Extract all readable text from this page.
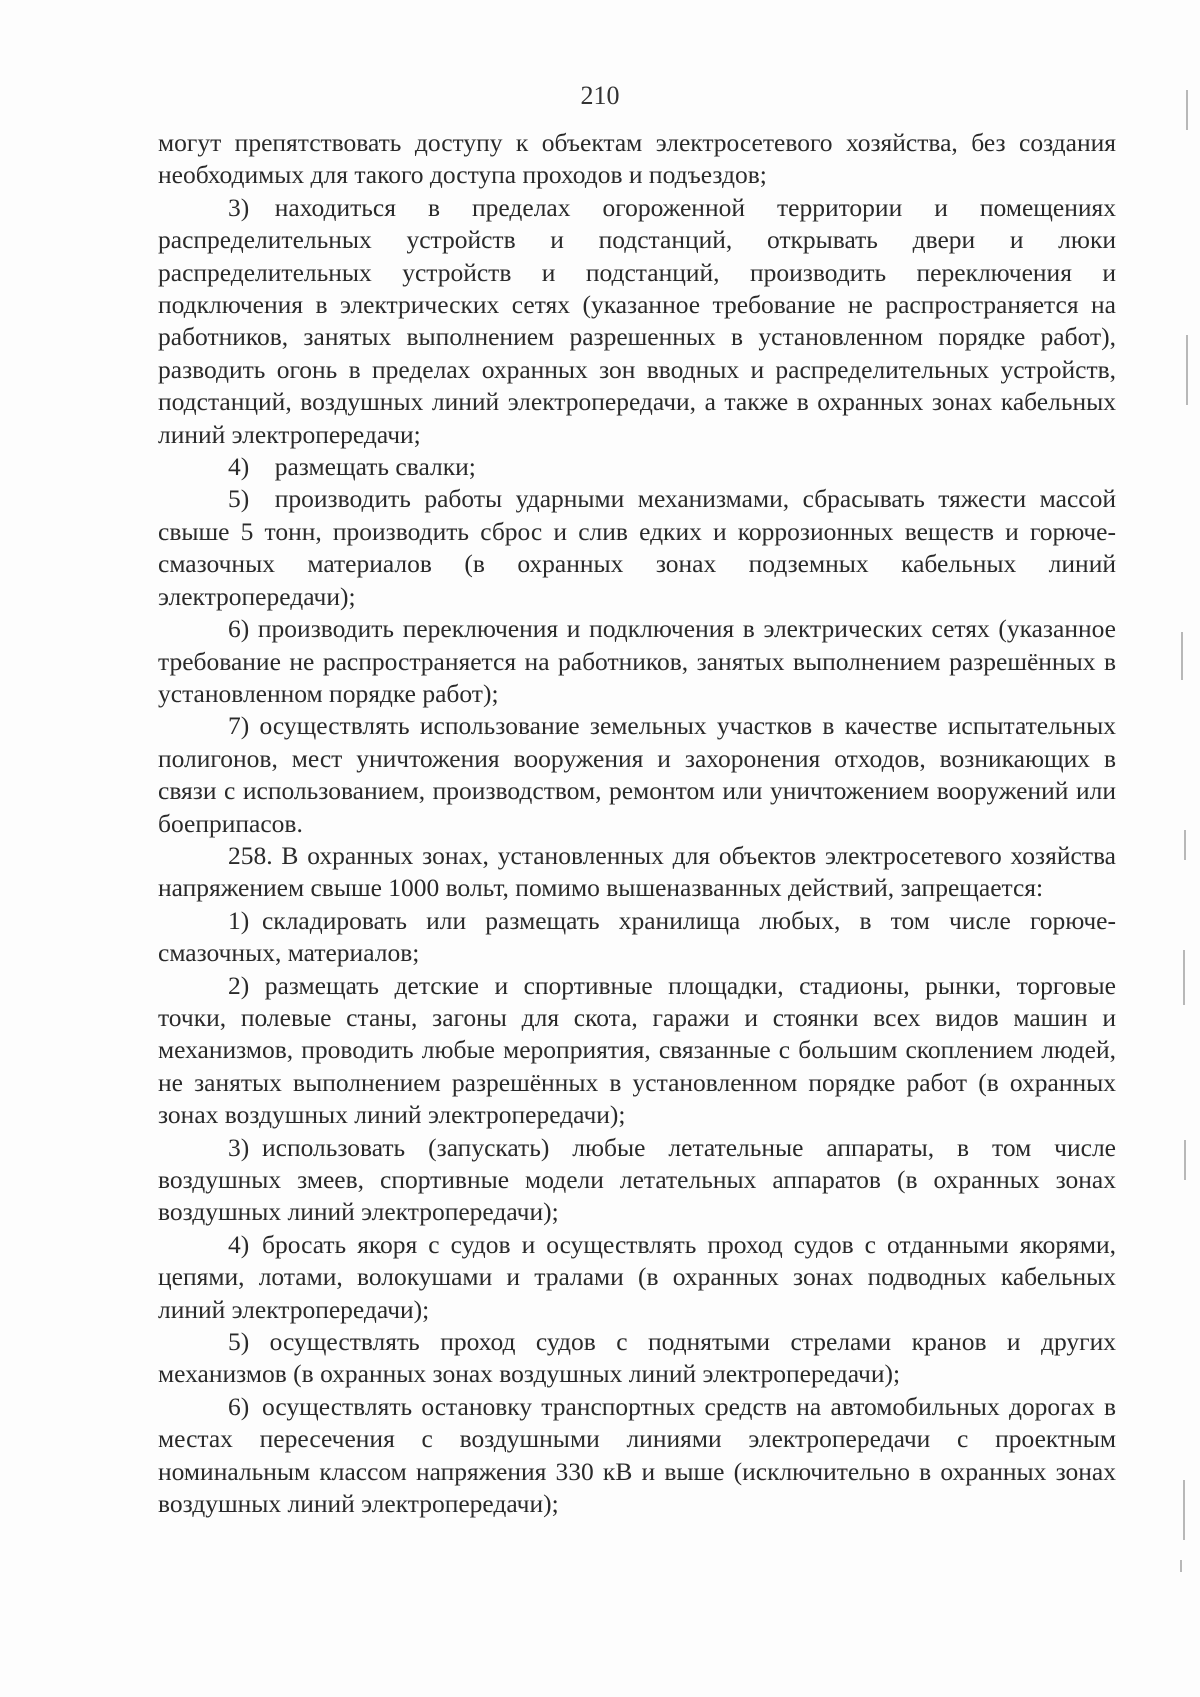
210

могут препятствовать доступу к объектам электросетевого хозяйства, без создания необходимых для такого доступа проходов и подъездов;

3) находиться в пределах огороженной территории и помещениях распределительных устройств и подстанций, открывать двери и люки распределительных устройств и подстанций, производить переключения и подключения в электрических сетях (указанное требование не распространяется на работников, занятых выполнением разрешенных в установленном порядке работ), разводить огонь в пределах охранных зон вводных и распределительных устройств, подстанций, воздушных линий электропередачи, а также в охранных зонах кабельных линий электропередачи;

4) размещать свалки;

5) производить работы ударными механизмами, сбрасывать тяжести массой свыше 5 тонн, производить сброс и слив едких и коррозионных веществ и горюче-смазочных материалов (в охранных зонах подземных кабельных линий электропередачи);

6) производить переключения и подключения в электрических сетях (указанное требование не распространяется на работников, занятых выполнением разрешённых в установленном порядке работ);

7) осуществлять использование земельных участков в качестве испытательных полигонов, мест уничтожения вооружения и захоронения отходов, возникающих в связи с использованием, производством, ремонтом или уничтожением вооружений или боеприпасов.

258. В охранных зонах, установленных для объектов электросетевого хозяйства напряжением свыше 1000 вольт, помимо вышеназванных действий, запрещается:

1) складировать или размещать хранилища любых, в том числе горюче-смазочных, материалов;

2) размещать детские и спортивные площадки, стадионы, рынки, торговые точки, полевые станы, загоны для скота, гаражи и стоянки всех видов машин и механизмов, проводить любые мероприятия, связанные с большим скоплением людей, не занятых выполнением разрешённых в установленном порядке работ (в охранных зонах воздушных линий электропередачи);

3) использовать (запускать) любые летательные аппараты, в том числе воздушных змеев, спортивные модели летательных аппаратов (в охранных зонах воздушных линий электропередачи);

4) бросать якоря с судов и осуществлять проход судов с отданными якорями, цепями, лотами, волокушами и тралами (в охранных зонах подводных кабельных линий электропередачи);

5) осуществлять проход судов с поднятыми стрелами кранов и других механизмов (в охранных зонах воздушных линий электропередачи);

6) осуществлять остановку транспортных средств на автомобильных дорогах в местах пересечения с воздушными линиями электропередачи с проектным номинальным классом напряжения 330 кВ и выше (исключительно в охранных зонах воздушных линий электропередачи);
